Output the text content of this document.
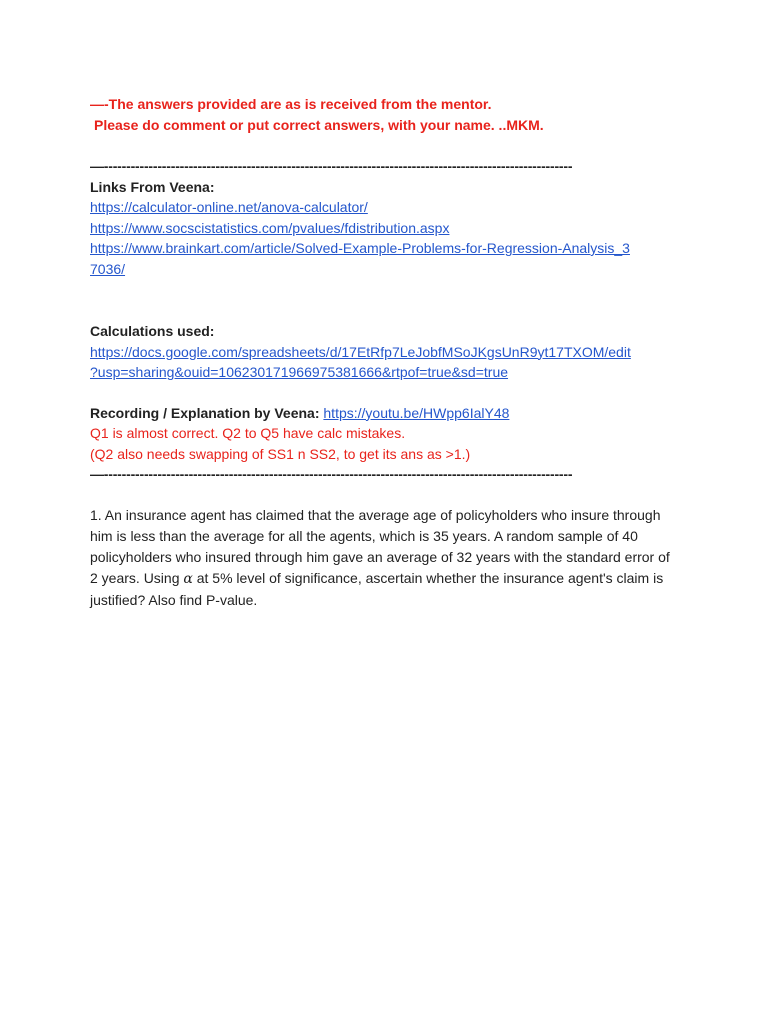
—-The answers provided are as is received from the mentor.
Please do comment or put correct answers, with your name. ..MKM.
—---------------------------------------------------------------------------------------------------------
Links From Veena:
https://calculator-online.net/anova-calculator/
https://www.socscistatistics.com/pvalues/fdistribution.aspx
https://www.brainkart.com/article/Solved-Example-Problems-for-Regression-Analysis_3
7036/
Calculations used:
https://docs.google.com/spreadsheets/d/17EtRfp7LeJobfMSoJKgsUnR9yt17TXOM/edit
?usp=sharing&ouid=106230171966975381666&rtpof=true&sd=true
Recording / Explanation by Veena: https://youtu.be/HWpp6IalY48
Q1 is almost correct. Q2 to Q5 have calc mistakes.
(Q2 also needs swapping of SS1 n SS2, to get its ans as >1.)
—---------------------------------------------------------------------------------------------------------

1. An insurance agent has claimed that the average age of policyholders who insure through him is less than the average for all the agents, which is 35 years. A random sample of 40 policyholders who insured through him gave an average of 32 years with the standard error of 2 years. Using α at 5% level of significance, ascertain whether the insurance agent's claim is justified? Also find P-value.
